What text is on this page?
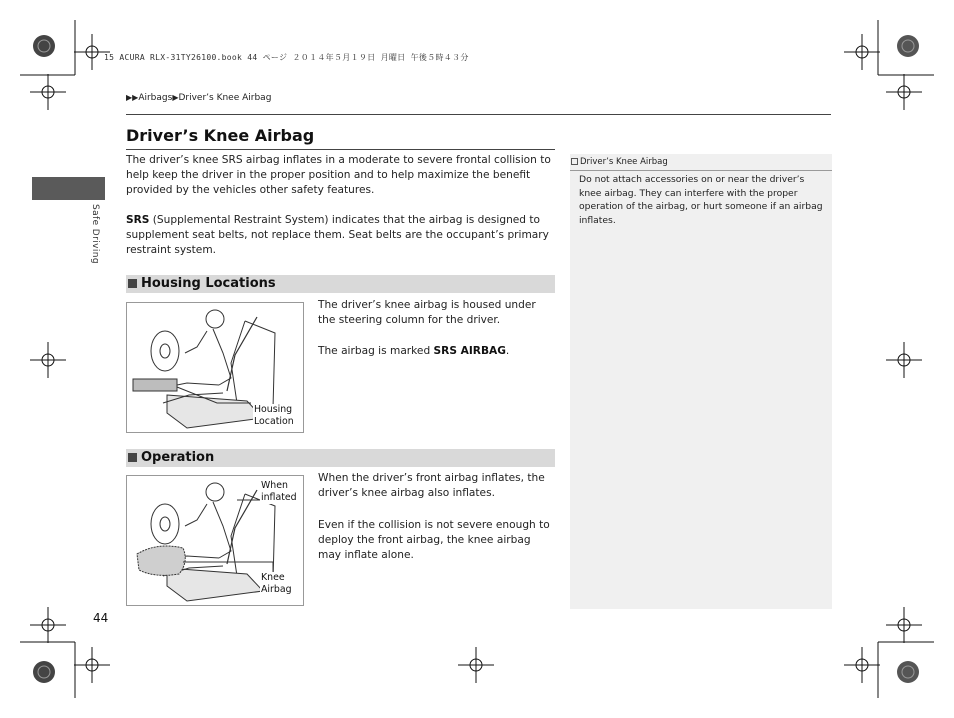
15 ACURA RLX-31TY26100.book 44 ページ ２０１４年５月１９日 月曜日 午後５時４３分
▶▶Airbags▶Driver’s Knee Airbag
Safe Driving
Driver’s Knee Airbag
The driver’s knee SRS airbag inflates in a moderate to severe frontal collision to help keep the driver in the proper position and to help maximize the benefit provided by the vehicles other safety features.
SRS (Supplemental Restraint System) indicates that the airbag is designed to supplement seat belts, not replace them. Seat belts are the occupant’s primary restraint system.
Housing Locations
Housing
Location
The driver’s knee airbag is housed under the steering column for the driver.
The airbag is marked SRS AIRBAG.
Operation
When
inflated
Knee
Airbag
When the driver’s front airbag inflates, the driver’s knee airbag also inflates.
Even if the collision is not severe enough to deploy the front airbag, the knee airbag may inflate alone.
Driver’s Knee Airbag
Do not attach accessories on or near the driver’s knee airbag. They can interfere with the proper operation of the airbag, or hurt someone if an airbag inflates.
44
